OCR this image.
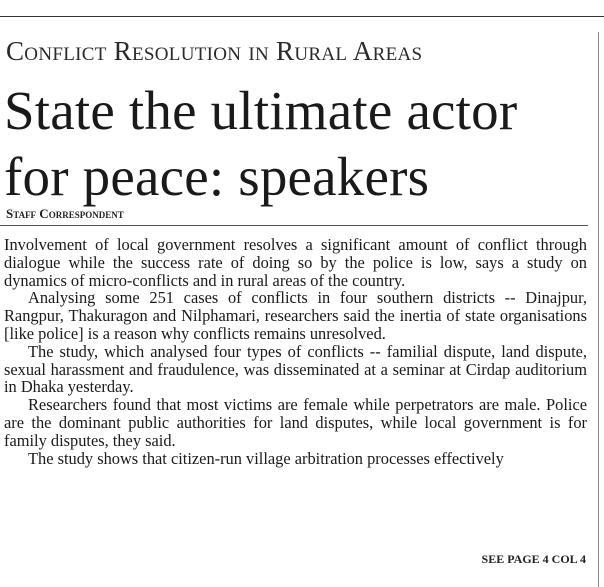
Conflict Resolution in Rural Areas
State the ultimate actor
for peace: speakers
Staff Correspondent

Involvement of local government resolves a significant amount of conflict through dialogue while the success rate of doing so by the police is low, says a study on dynamics of micro-conflicts and in rural areas of the country.

Analysing some 251 cases of conflicts in four southern districts -- Dinajpur, Rangpur, Thakuragon and Nilphamari, researchers said the inertia of state organisations [like police] is a reason why conflicts remains unresolved.

The study, which analysed four types of conflicts -- familial dispute, land dispute, sexual harassment and fraudulence, was disseminated at a seminar at Cirdap auditorium in Dhaka yesterday.

Researchers found that most victims are female while perpetrators are male. Police are the dominant public authorities for land disputes, while local government is for family disputes, they said.

The study shows that citizen-run village arbitration processes effectively

SEE PAGE 4 COL 4
